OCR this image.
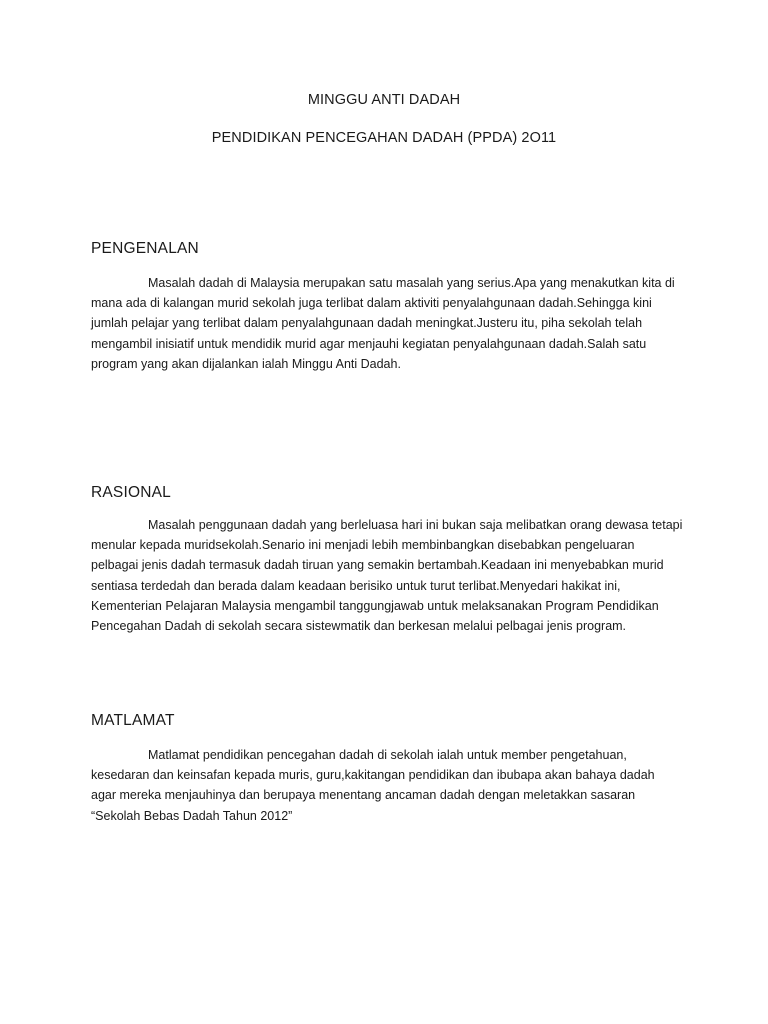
MINGGU ANTI DADAH
PENDIDIKAN PENCEGAHAN DADAH (PPDA) 2O11
PENGENALAN

Masalah dadah di Malaysia merupakan satu masalah yang serius.Apa yang menakutkan kita di
mana ada di kalangan murid sekolah juga terlibat dalam aktiviti penyalahgunaan dadah.Sehingga kini
jumlah pelajar yang terlibat dalam penyalahgunaan dadah meningkat.Justeru itu, piha sekolah telah
mengambil inisiatif untuk mendidik murid agar menjauhi kegiatan penyalahgunaan dadah.Salah satu
program yang akan dijalankan ialah Minggu Anti Dadah.

RASIONAL

Masalah penggunaan dadah yang berleluasa hari ini bukan saja melibatkan orang dewasa tetapi
menular kepada muridsekolah.Senario ini menjadi lebih membinbangkan disebabkan pengeluaran
pelbagai jenis dadah termasuk dadah tiruan yang semakin bertambah.Keadaan ini menyebabkan murid
sentiasa terdedah dan berada dalam keadaan berisiko untuk turut terlibat.Menyedari hakikat ini,
Kementerian Pelajaran Malaysia mengambil tanggungjawab untuk melaksanakan Program Pendidikan
Pencegahan Dadah di sekolah secara sistewmatik dan berkesan melalui pelbagai jenis program.

MATLAMAT

Matlamat pendidikan pencegahan dadah di sekolah ialah untuk member pengetahuan,
kesedaran dan keinsafan kepada muris, guru,kakitangan pendidikan dan ibubapa akan bahaya dadah
agar mereka menjauhinya dan berupaya menentang ancaman dadah dengan meletakkan sasaran
“Sekolah Bebas Dadah Tahun 2012”
